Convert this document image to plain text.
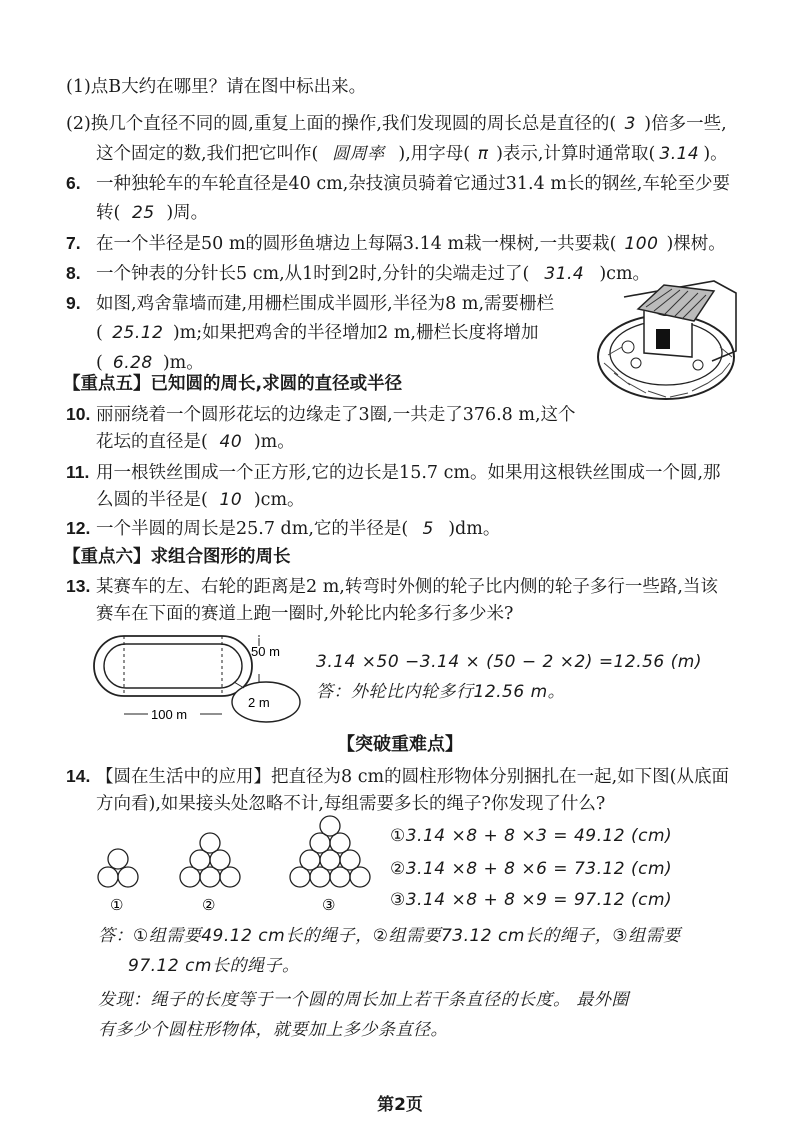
(1)点B大约在哪里？请在图中标出来。
(2)换几个直径不同的圆,重复上面的操作,我们发现圆的周长总是直径的( 3 )倍多一些,
这个固定的数,我们把它叫作( 圆周率 ),用字母( π )表示,计算时通常取( 3.14 )。
6. 一种独轮车的车轮直径是40 cm,杂技演员骑着它通过31.4 m长的钢丝,车轮至少要
转( 25 )周。
7. 在一个半径是50 m的圆形鱼塘边上每隔3.14 m栽一棵树,一共要栽( 100 )棵树。
8. 一个钟表的分针长5 cm,从1时到2时,分针的尖端走过了( 31.4 )cm。
9. 如图,鸡舍靠墙而建,用栅栏围成半圆形,半径为8 m,需要栅栏
( 25.12 )m;如果把鸡舍的半径增加2 m,栅栏长度将增加
( 6.28 )m。
【重点五】已知圆的周长,求圆的直径或半径
10. 丽丽绕着一个圆形花坛的边缘走了3圈,一共走了376.8 m,这个
花坛的直径是( 40 )m。
11. 用一根铁丝围成一个正方形,它的边长是15.7 cm。如果用这根铁丝围成一个圆,那
么圆的半径是( 10 )cm。
12. 一个半圆的周长是25.7 dm,它的半径是( 5 )dm。
【重点六】求组合图形的周长
13. 某赛车的左、右轮的距离是2 m,转弯时外侧的轮子比内侧的轮子多行一些路,当该
赛车在下面的赛道上跑一圈时,外轮比内轮多行多少米?
50 m
100 m
2 m
3.14 ×50 −3.14 × (50 − 2 ×2) =12.56 (m)
答：外轮比内轮多行12.56 m。
【突破重难点】
14. 【圆在生活中的应用】把直径为8 cm的圆柱形物体分别捆扎在一起,如下图(从底面
方向看),如果接头处忽略不计,每组需要多长的绳子?你发现了什么?
①	②	③
①3.14 ×8 + 8 ×3 = 49.12 (cm)
②3.14 ×8 + 8 ×6 = 73.12 (cm)
③3.14 ×8 + 8 ×9 = 97.12 (cm)
答：①组需要49.12 cm长的绳子，②组需要73.12 cm长的绳子，③组需要
97.12 cm长的绳子。
发现：绳子的长度等于一个圆的周长加上若干条直径的长度。 最外圈
有多少个圆柱形物体，就要加上多少条直径。
第2页
